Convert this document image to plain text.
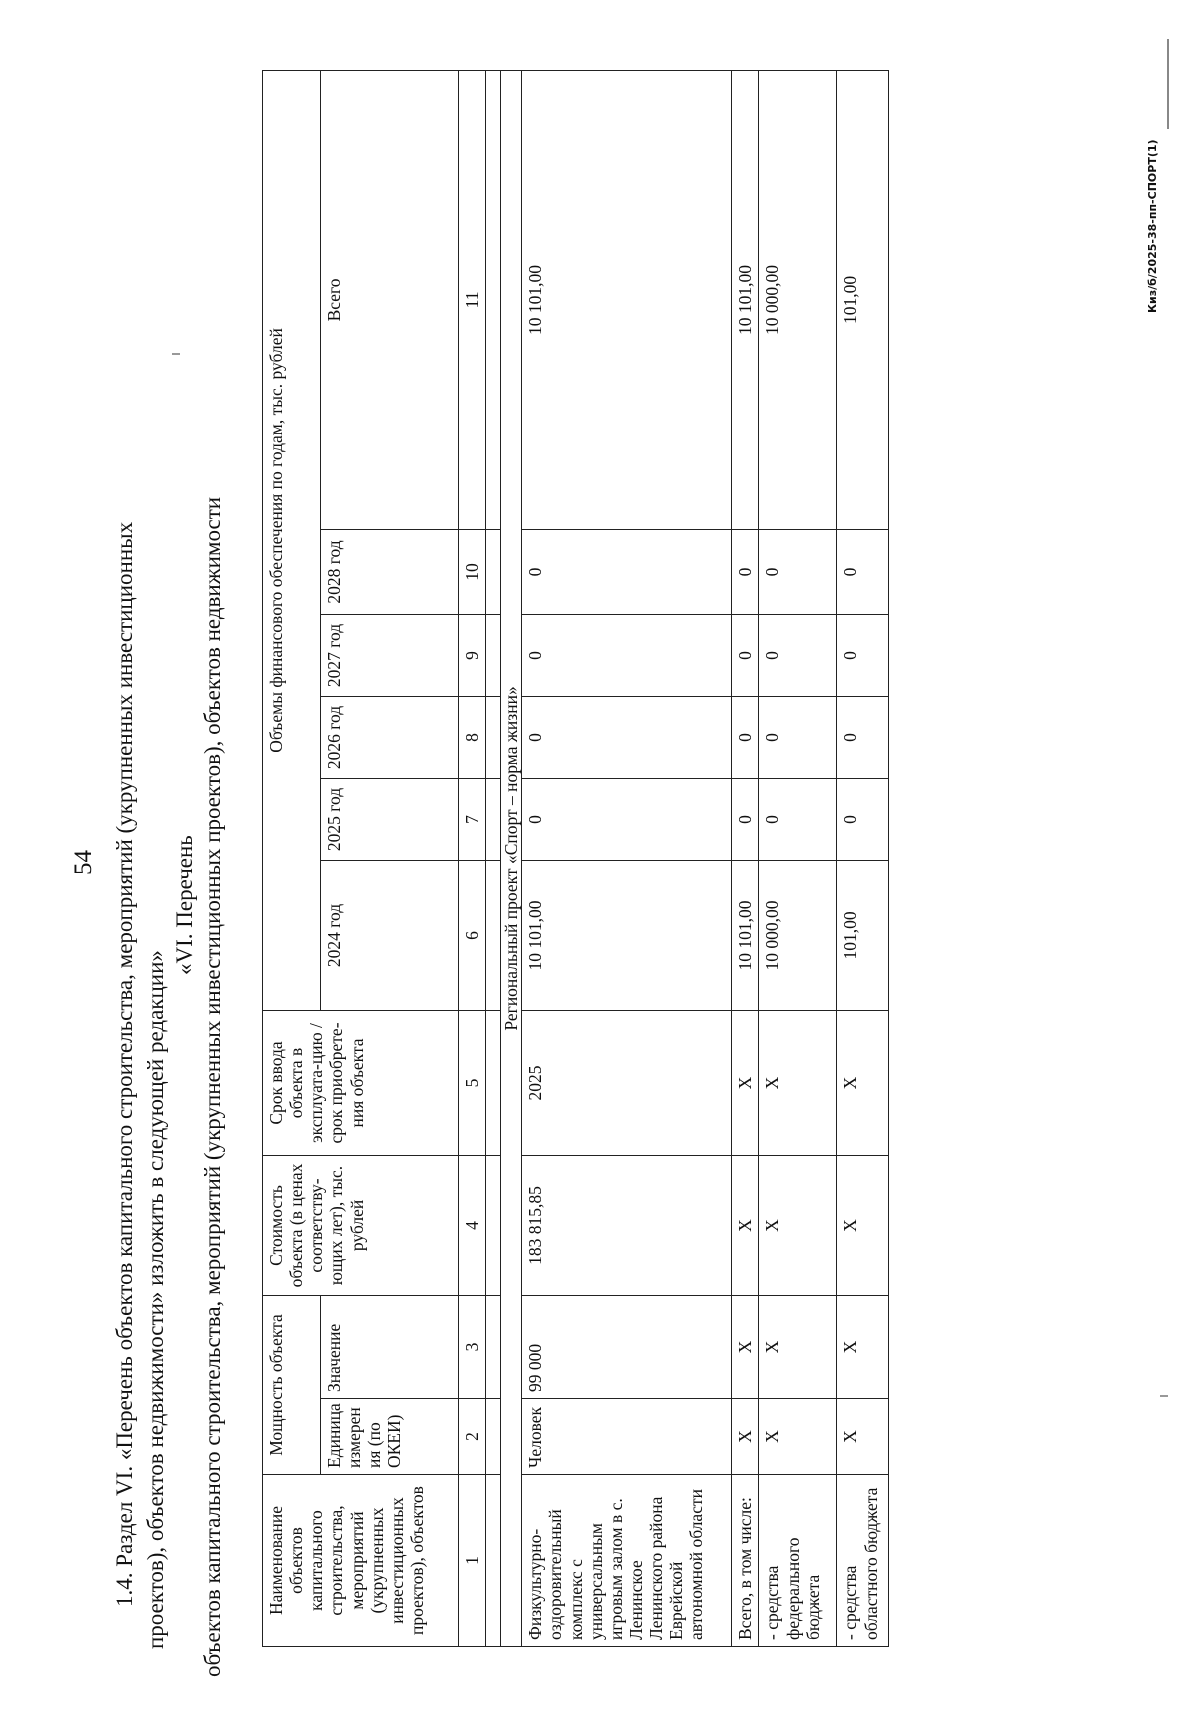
54 1.4. Раздел VI. «Перечень объектов капитального строительства, мероприятий (укрупненных инвестиционных проектов), объектов недвижимости» изложить в следующей редакции»
«VI. Перечень объектов капитального строительства, мероприятий (укрупненных инвестиционных проектов), объектов недвижимости Наименование объектов капитального строительства, мероприятий (укрупненных инвестиционных проектов), объектов	Мощность объекта		Стоимость объекта (в ценах соответству-ющих лет), тыс. рублей	Срок ввода объекта в эксплуата-цию / срок приобрете-ния объекта	Объемы финансового обеспечения по годам, тыс. рублей					
	Единица измерен ия (по ОКЕИ)	Значение			2024 год	2025 год	2026 год	2027 год	2028 год	Всего
1	2	3	4	5	6	7	8	9	10	11

Региональный проект «Спорт – норма жизни»										
Физкультурно-оздоровительный комплекс с универсальным игровым залом в с. Ленинское Ленинского района Еврейской автономной области	Человек	99 000	183 815,85	2025	10 101,00	0	0	0	0	10 101,00
Всего, в том числе:	X	X	X	X	10 101,00	0	0	0	0	10 101,00
- средства федерального бюджета	X	X	X	X	10 000,00	0	0	0	0	10 000,00
- средства областного бюджета	X	X	X	X	101,00	0	0	0	0	101,00	Киз/б/2025-38-пп-СПОРТ(1)
